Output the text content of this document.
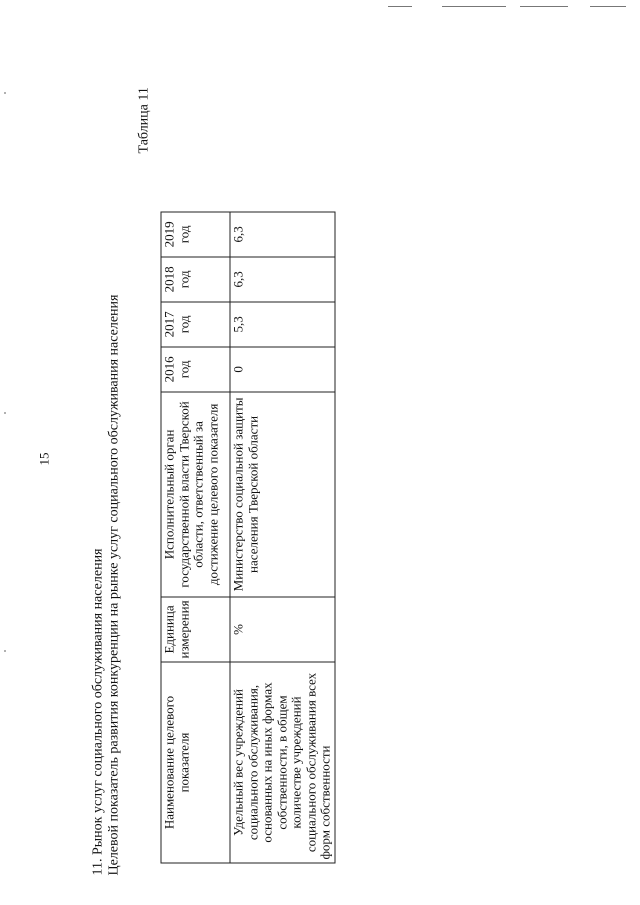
15
11. Рынок услуг социального обслуживания населения Целевой показатель развития конкуренции на рынке услуг социального обслуживания населения
Таблица 11
Наименование целевого показателя	Единица измерения	Исполнительный орган государственной власти Тверской области, ответственный за достижение целевого показателя	2016 год	2017 год	2018 год	2019 год
Удельный вес учреждений социального обслуживания, основанных на иных формах собственности, в общем количестве учреждений социального обслуживания всех форм собственности	%	Министерство социальной защиты населения Тверской области	0	5,3	6,3	6,3
